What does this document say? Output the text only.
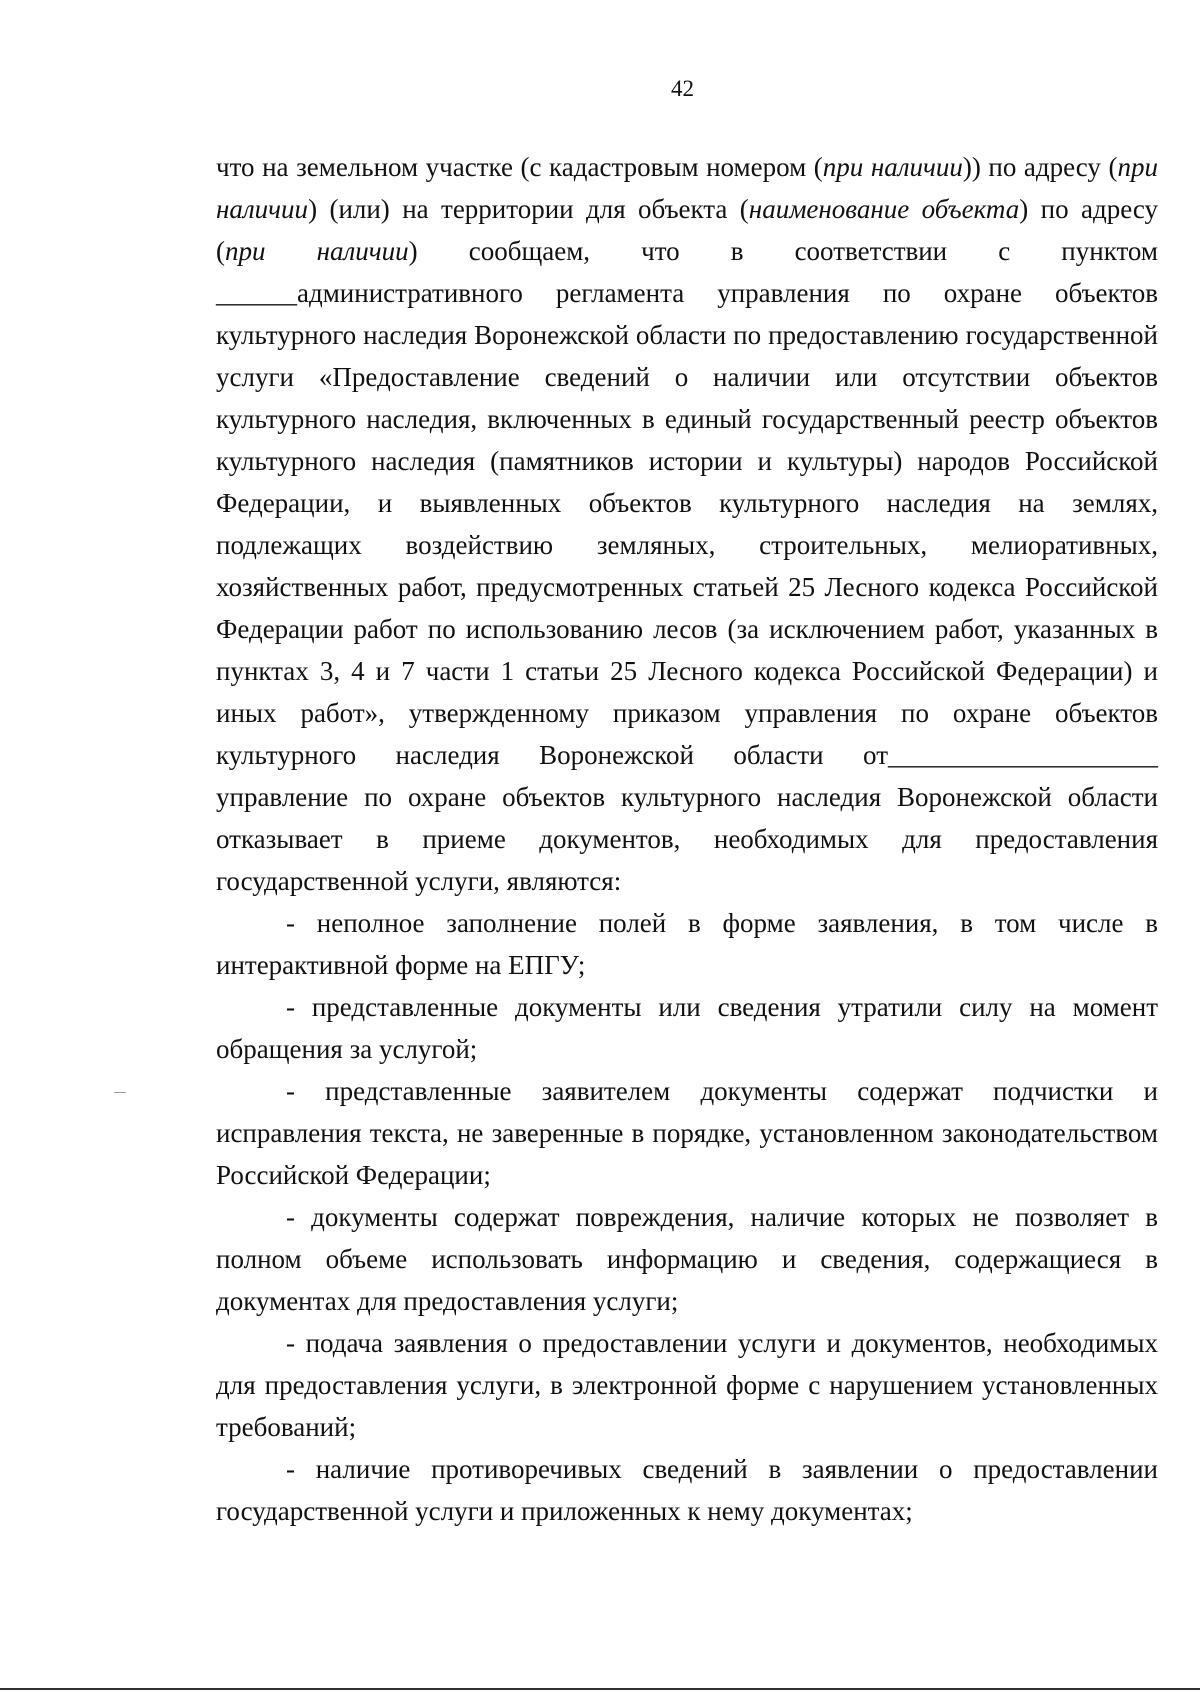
42

что на земельном участке (с кадастровым номером (при наличии)) по адресу (при наличии) (или) на территории для объекта (наименование объекта) по адресу (при наличии) сообщаем, что в соответствии с пунктом ______административного регламента управления по охране объектов культурного наследия Воронежской области по предоставлению государственной услуги «Предоставление сведений о наличии или отсутствии объектов культурного наследия, включенных в единый государственный реестр объектов культурного наследия (памятников истории и культуры) народов Российской Федерации, и выявленных объектов культурного наследия на землях, подлежащих воздействию земляных, строительных, мелиоративных, хозяйственных работ, предусмотренных статьей 25 Лесного кодекса Российской Федерации работ по использованию лесов (за исключением работ, указанных в пунктах 3, 4 и 7 части 1 статьи 25 Лесного кодекса Российской Федерации) и иных работ», утвержденному приказом управления по охране объектов культурного наследия Воронежской области от____________________ управление по охране объектов культурного наследия Воронежской области отказывает в приеме документов, необходимых для предоставления государственной услуги, являются:

- неполное заполнение полей в форме заявления, в том числе в интерактивной форме на ЕПГУ;

- представленные документы или сведения утратили силу на момент обращения за услугой;

- представленные заявителем документы содержат подчистки и исправления текста, не заверенные в порядке, установленном законодательством Российской Федерации;

- документы содержат повреждения, наличие которых не позволяет в полном объеме использовать информацию и сведения, содержащиеся в документах для предоставления услуги;

- подача заявления о предоставлении услуги и документов, необходимых для предоставления услуги, в электронной форме с нарушением установленных требований;

- наличие противоречивых сведений в заявлении о предоставлении государственной услуги и приложенных к нему документах;
